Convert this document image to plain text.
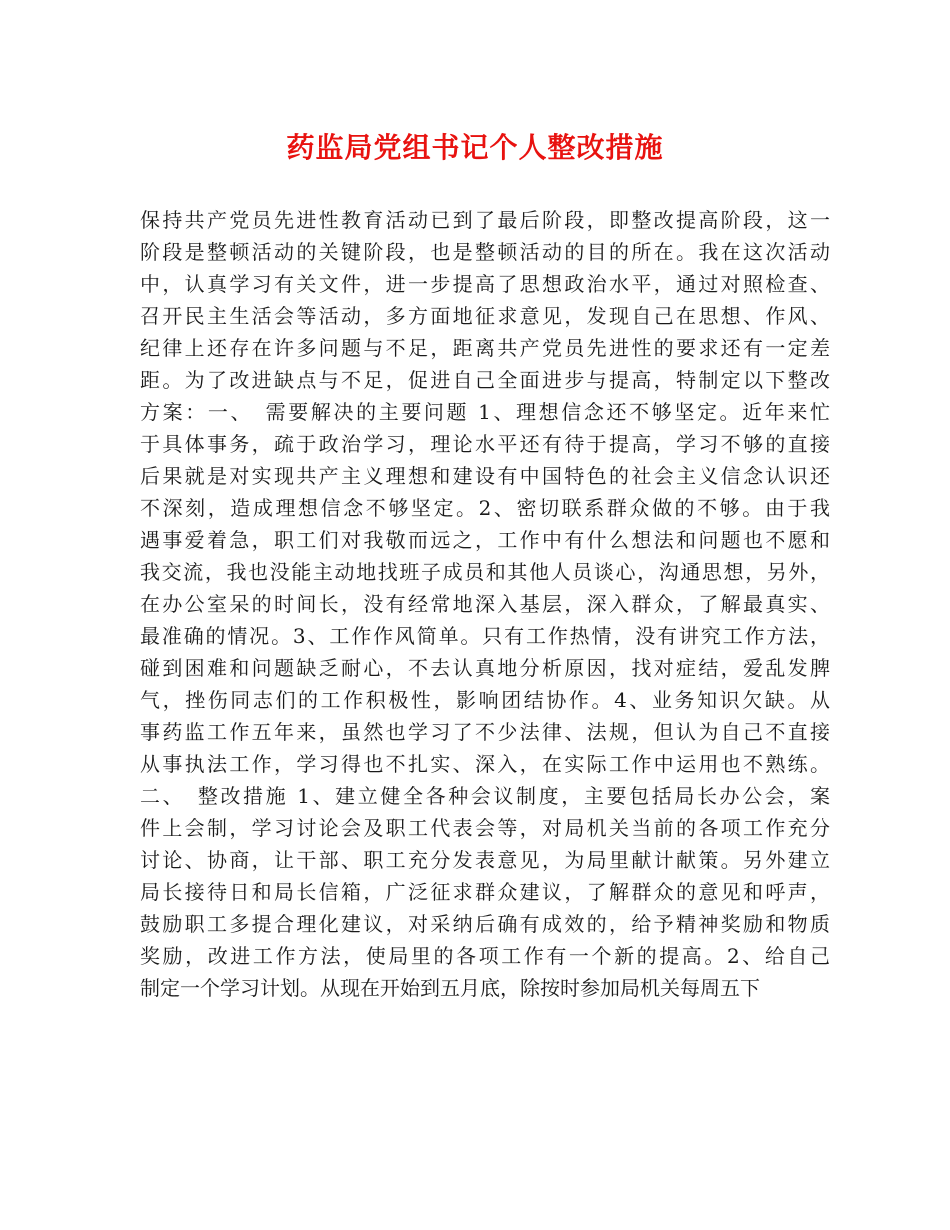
药监局党组书记个人整改措施
保持共产党员先进性教育活动已到了最后阶段，即整改提高阶段，这一
阶段是整顿活动的关键阶段，也是整顿活动的目的所在。我在这次活动
中，认真学习有关文件，进一步提高了思想政治水平，通过对照检查、
召开民主生活会等活动，多方面地征求意见，发现自己在思想、作风、
纪律上还存在许多问题与不足，距离共产党员先进性的要求还有一定差
距。为了改进缺点与不足，促进自己全面进步与提高，特制定以下整改
方案：一、　需要解决的主要问题 1、理想信念还不够坚定。近年来忙
于具体事务，疏于政治学习，理论水平还有待于提高，学习不够的直接
后果就是对实现共产主义理想和建设有中国特色的社会主义信念认识还
不深刻，造成理想信念不够坚定。2、密切联系群众做的不够。由于我
遇事爱着急，职工们对我敬而远之，工作中有什么想法和问题也不愿和
我交流，我也没能主动地找班子成员和其他人员谈心，沟通思想，另外，
在办公室呆的时间长，没有经常地深入基层，深入群众，了解最真实、
最准确的情况。3、工作作风简单。只有工作热情，没有讲究工作方法，
碰到困难和问题缺乏耐心，不去认真地分析原因，找对症结，爱乱发脾
气，挫伤同志们的工作积极性，影响团结协作。4、业务知识欠缺。从
事药监工作五年来，虽然也学习了不少法律、法规，但认为自己不直接
从事执法工作，学习得也不扎实、深入，在实际工作中运用也不熟练。
二、　整改措施 1、建立健全各种会议制度，主要包括局长办公会，案
件上会制，学习讨论会及职工代表会等，对局机关当前的各项工作充分
讨论、协商，让干部、职工充分发表意见，为局里献计献策。另外建立
局长接待日和局长信箱，广泛征求群众建议，了解群众的意见和呼声，
鼓励职工多提合理化建议，对采纳后确有成效的，给予精神奖励和物质
奖励，改进工作方法，使局里的各项工作有一个新的提高。2、给自己
制定一个学习计划。从现在开始到五月底，除按时参加局机关每周五下
